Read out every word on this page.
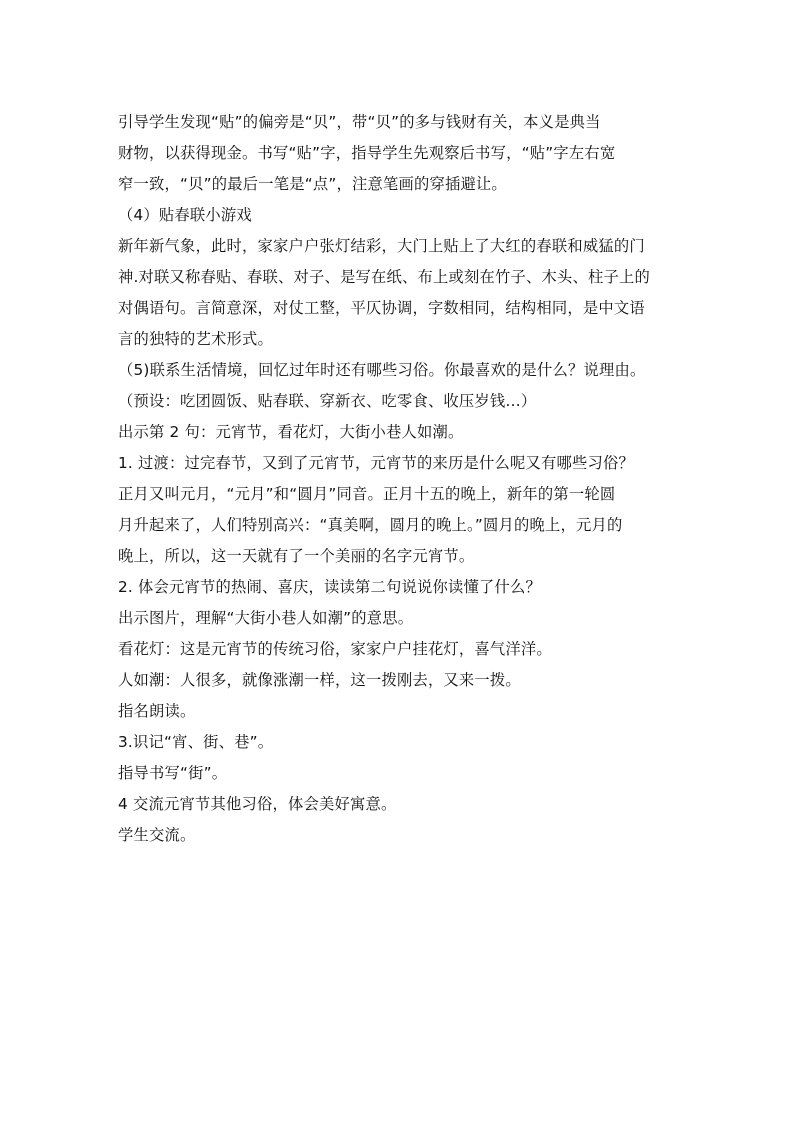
引导学生发现“贴”的偏旁是“贝”，带“贝”的多与钱财有关，本义是典当
财物，以获得现金。书写“贴”字，指导学生先观察后书写，“贴”字左右宽
窄一致，“贝”的最后一笔是“点”，注意笔画的穿插避让。
（4）贴春联小游戏
新年新气象，此时，家家户户张灯结彩，大门上贴上了大红的春联和威猛的门
神.对联又称春贴、春联、对子、是写在纸、布上或刻在竹子、木头、柱子上的
对偶语句。言简意深，对仗工整，平仄协调，字数相同，结构相同，是中文语
言的独特的艺术形式。
（5)联系生活情境，回忆过年时还有哪些习俗。你最喜欢的是什么？说理由。
（预设：吃团圆饭、贴春联、穿新衣、吃零食、收压岁钱…）
出示第 2 句：元宵节，看花灯，大街小巷人如潮。
1. 过渡：过完春节，又到了元宵节，元宵节的来历是什么呢又有哪些习俗？
正月又叫元月，“元月”和“圆月”同音。正月十五的晚上，新年的第一轮圆
月升起来了，人们特别高兴：“真美啊，圆月的晚上。”圆月的晚上，元月的
晚上，所以，这一天就有了一个美丽的名字元宵节。
2. 体会元宵节的热闹、喜庆，读读第二句说说你读懂了什么？
出示图片，理解“大街小巷人如潮”的意思。
看花灯：这是元宵节的传统习俗，家家户户挂花灯，喜气洋洋。
人如潮：人很多，就像涨潮一样，这一拨刚去，又来一拨。
指名朗读。
3.识记“宵、街、巷”。
指导书写“街”。
4 交流元宵节其他习俗，体会美好寓意。
学生交流。
